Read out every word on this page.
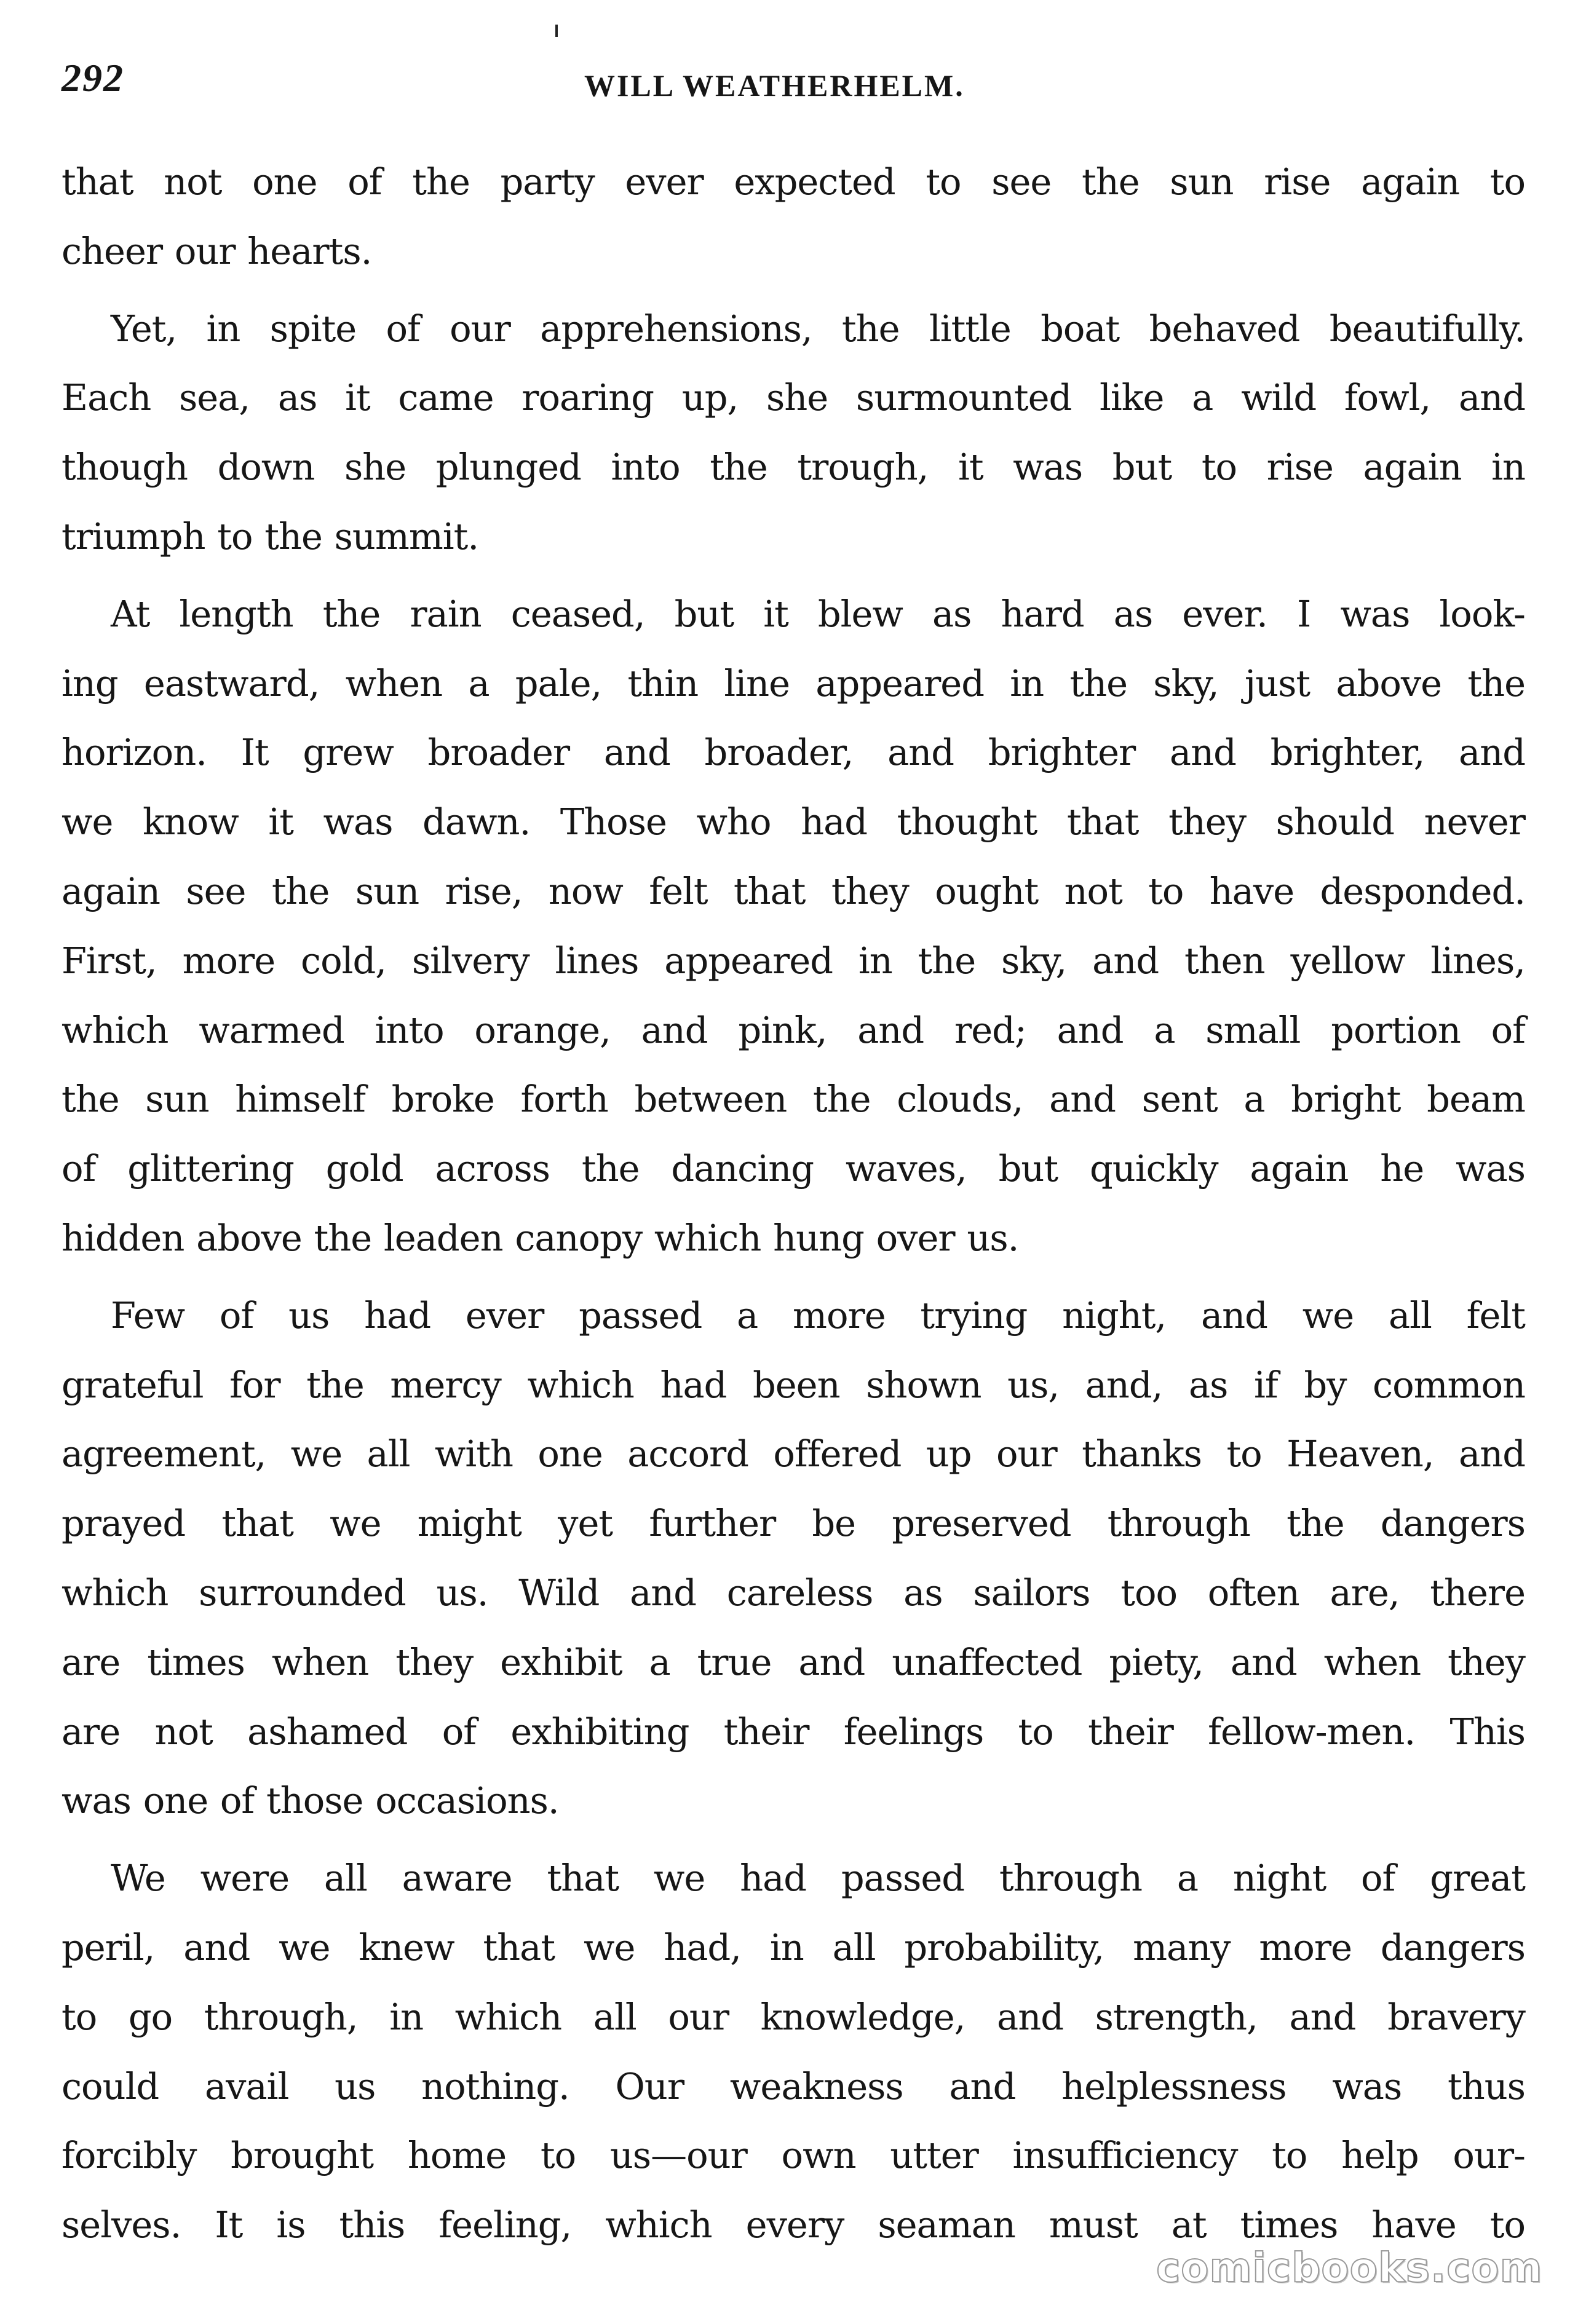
292	WILL WEATHERHELM.
that not one of the party ever expected to see the sun rise again to
cheer our hearts.
Yet, in spite of our apprehensions, the little boat behaved beautifully.
Each sea, as it came roaring up, she surmounted like a wild fowl, and
though down she plunged into the trough, it was but to rise again in
triumph to the summit.
At length the rain ceased, but it blew as hard as ever. I was look-
ing eastward, when a pale, thin line appeared in the sky, just above the
horizon. It grew broader and broader, and brighter and brighter, and
we know it was dawn. Those who had thought that they should never
again see the sun rise, now felt that they ought not to have desponded.
First, more cold, silvery lines appeared in the sky, and then yellow lines,
which warmed into orange, and pink, and red; and a small portion of
the sun himself broke forth between the clouds, and sent a bright beam
of glittering gold across the dancing waves, but quickly again he was
hidden above the leaden canopy which hung over us.
Few of us had ever passed a more trying night, and we all felt
grateful for the mercy which had been shown us, and, as if by common
agreement, we all with one accord offered up our thanks to Heaven, and
prayed that we might yet further be preserved through the dangers
which surrounded us. Wild and careless as sailors too often are, there
are times when they exhibit a true and unaffected piety, and when they
are not ashamed of exhibiting their feelings to their fellow-men. This
was one of those occasions.
We were all aware that we had passed through a night of great
peril, and we knew that we had, in all probability, many more dangers
to go through, in which all our knowledge, and strength, and bravery
could avail us nothing. Our weakness and helplessness was thus
forcibly brought home to us—our own utter insufficiency to help our-
selves. It is this feeling, which every seaman must at times have to
comicbooks.com
